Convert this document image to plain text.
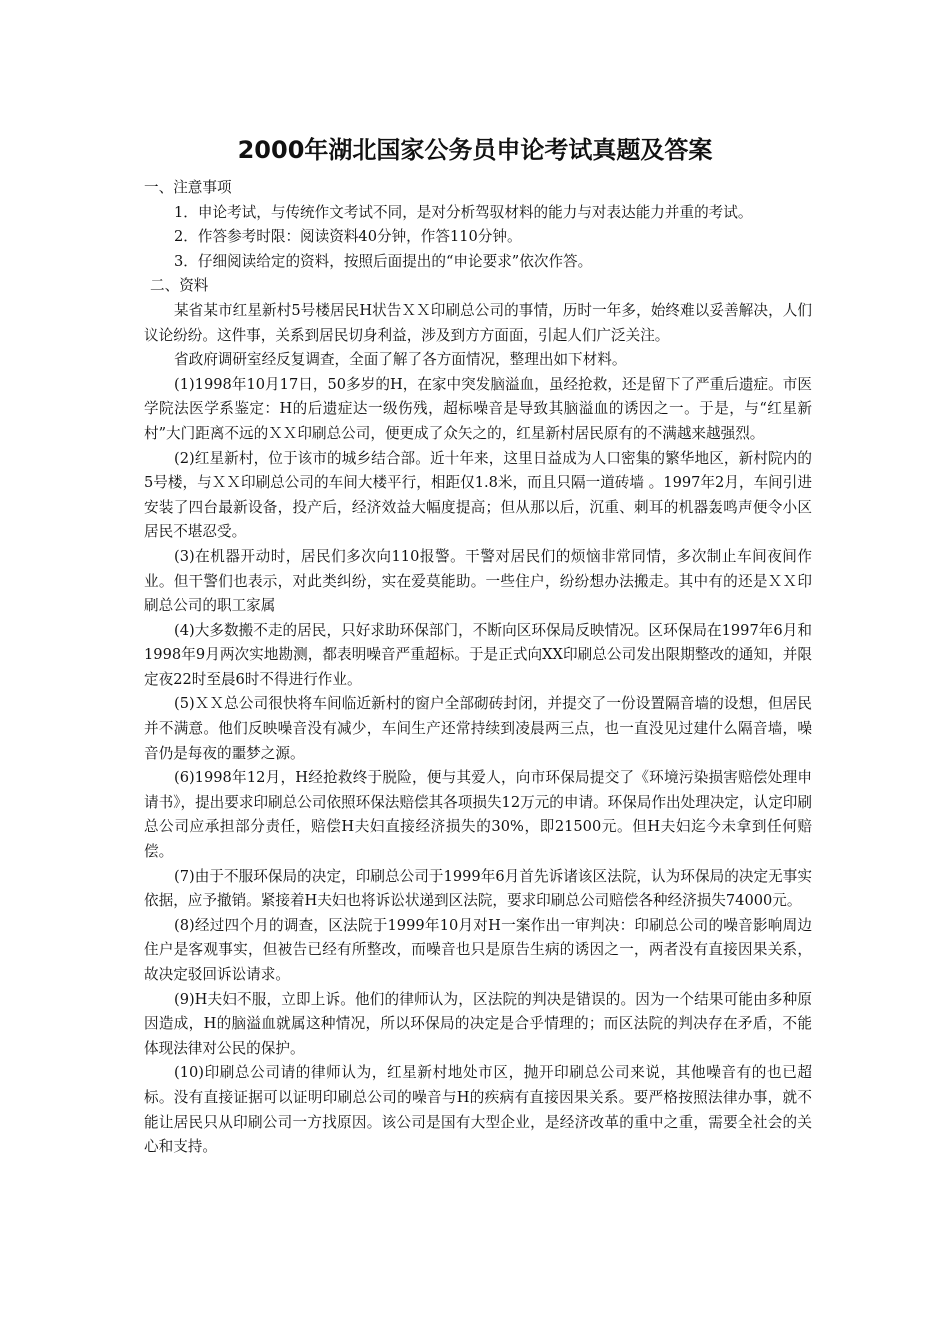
2000年湖北国家公务员申论考试真题及答案

一、注意事项

1．申论考试，与传统作文考试不同，是对分析驾驭材料的能力与对表达能力并重的考试。

2．作答参考时限：阅读资料40分钟，作答110分钟。

3．仔细阅读给定的资料，按照后面提出的“申论要求”依次作答。

二、资料

某省某市红星新村5号楼居民H状告ＸＸ印刷总公司的事情，历时一年多，始终难以妥善解决，人们议论纷纷。这件事，关系到居民切身利益，涉及到方方面面，引起人们广泛关注。

省政府调研室经反复调查，全面了解了各方面情况，整理出如下材料。

(1)1998年10月17日，50多岁的H，在家中突发脑溢血，虽经抢救，还是留下了严重后遗症。市医学院法医学系鉴定：H的后遗症达一级伤残，超标噪音是导致其脑溢血的诱因之一。于是，与“红星新村”大门距离不远的ＸＸ印刷总公司，便更成了众矢之的，红星新村居民原有的不满越来越强烈。

(2)红星新村，位于该市的城乡结合部。近十年来，这里日益成为人口密集的繁华地区，新村院内的5号楼，与ＸＸ印刷总公司的车间大楼平行，相距仅1.8米，而且只隔一道砖墙 。1997年2月，车间引进安装了四台最新设备，投产后，经济效益大幅度提高；但从那以后，沉重、刺耳的机器轰鸣声便令小区居民不堪忍受。

(3)在机器开动时，居民们多次向110报警。干警对居民们的烦恼非常同情，多次制止车间夜间作业。但干警们也表示，对此类纠纷，实在爱莫能助。一些住户，纷纷想办法搬走。其中有的还是ＸＸ印刷总公司的职工家属

(4)大多数搬不走的居民，只好求助环保部门，不断向区环保局反映情况。区环保局在1997年6月和1998年9月两次实地勘测，都表明噪音严重超标。于是正式向XX印刷总公司发出限期整改的通知，并限定夜22时至晨6时不得进行作业。

(5)ＸＸ总公司很快将车间临近新村的窗户全部砌砖封闭，并提交了一份设置隔音墙的设想，但居民并不满意。他们反映噪音没有减少，车间生产还常持续到凌晨两三点，也一直没见过建什么隔音墙，噪音仍是每夜的噩梦之源。

(6)1998年12月，H经抢救终于脱险，便与其爱人，向市环保局提交了《环境污染损害赔偿处理申请书》，提出要求印刷总公司依照环保法赔偿其各项损失12万元的申请。环保局作出处理决定，认定印刷总公司应承担部分责任，赔偿H夫妇直接经济损失的30%，即21500元。但H夫妇迄今未拿到任何赔偿。

(7)由于不服环保局的决定，印刷总公司于1999年6月首先诉诸该区法院，认为环保局的决定无事实依据，应予撤销。紧接着H夫妇也将诉讼状递到区法院，要求印刷总公司赔偿各种经济损失74000元。

(8)经过四个月的调查，区法院于1999年10月对H一案作出一审判决：印刷总公司的噪音影响周边住户是客观事实，但被告已经有所整改，而噪音也只是原告生病的诱因之一，两者没有直接因果关系，故决定驳回诉讼请求。

(9)H夫妇不服，立即上诉。他们的律师认为，区法院的判决是错误的。因为一个结果可能由多种原因造成，H的脑溢血就属这种情况，所以环保局的决定是合乎情理的；而区法院的判决存在矛盾，不能体现法律对公民的保护。

(10)印刷总公司请的律师认为，红星新村地处市区，抛开印刷总公司来说，其他噪音有的也已超标。没有直接证据可以证明印刷总公司的噪音与H的疾病有直接因果关系。要严格按照法律办事，就不能让居民只从印刷公司一方找原因。该公司是国有大型企业，是经济改革的重中之重，需要全社会的关心和支持。
